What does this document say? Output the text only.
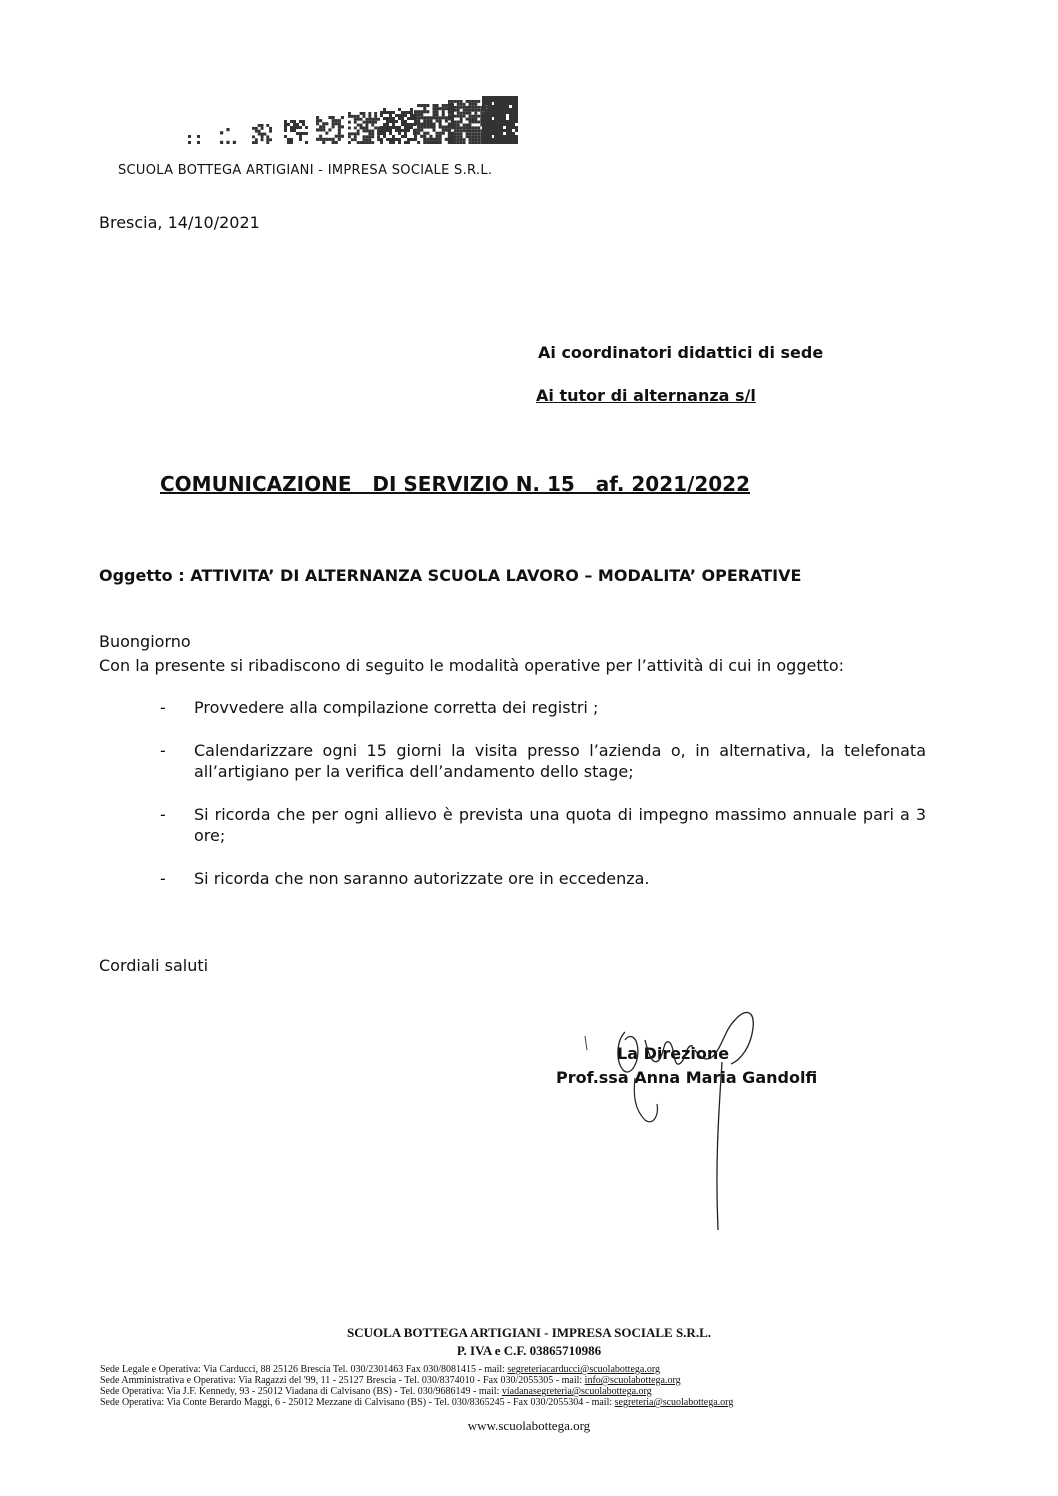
SCUOLA BOTTEGA ARTIGIANI - IMPRESA SOCIALE S.R.L.
Brescia, 14/10/2021
Ai coordinatori didattici di sede
Ai tutor di alternanza s/l
COMUNICAZIONE   DI SERVIZIO N. 15   af. 2021/2022
Oggetto : ATTIVITA’ DI ALTERNANZA SCUOLA LAVORO – MODALITA’ OPERATIVE
Buongiorno
Con la presente si ribadiscono di seguito le modalità operative per l’attività di cui in oggetto:
- Provvedere alla compilazione corretta dei registri ;
- Calendarizzare ogni 15 giorni la visita presso l’azienda o, in alternativa, la telefonata all’artigiano per la verifica dell’andamento dello stage;
- Si ricorda che per ogni allievo è prevista una quota di impegno massimo annuale pari a 3 ore;
- Si ricorda che non saranno autorizzate ore in eccedenza.
Cordiali saluti
La Direzione
Prof.ssa Anna Maria Gandolfi
SCUOLA BOTTEGA ARTIGIANI - IMPRESA SOCIALE S.R.L.
P. IVA e C.F. 03865710986
Sede Legale e Operativa: Via Carducci, 88 25126 Brescia Tel. 030/2301463 Fax 030/8081415 - mail: segreteriacarducci@scuolabottega.org
Sede Amministrativa e Operativa: Via Ragazzi del '99, 11 - 25127 Brescia - Tel. 030/8374010 - Fax 030/2055305 - mail: info@scuolabottega.org
Sede Operativa: Via J.F. Kennedy, 93 - 25012 Viadana di Calvisano (BS) - Tel. 030/9686149 - mail: viadanasegreteria@scuolabottega.org
Sede Operativa: Via Conte Berardo Maggi, 6 - 25012 Mezzane di Calvisano (BS) - Tel. 030/8365245 - Fax 030/2055304 - mail: segreteria@scuolabottega.org
www.scuolabottega.org
